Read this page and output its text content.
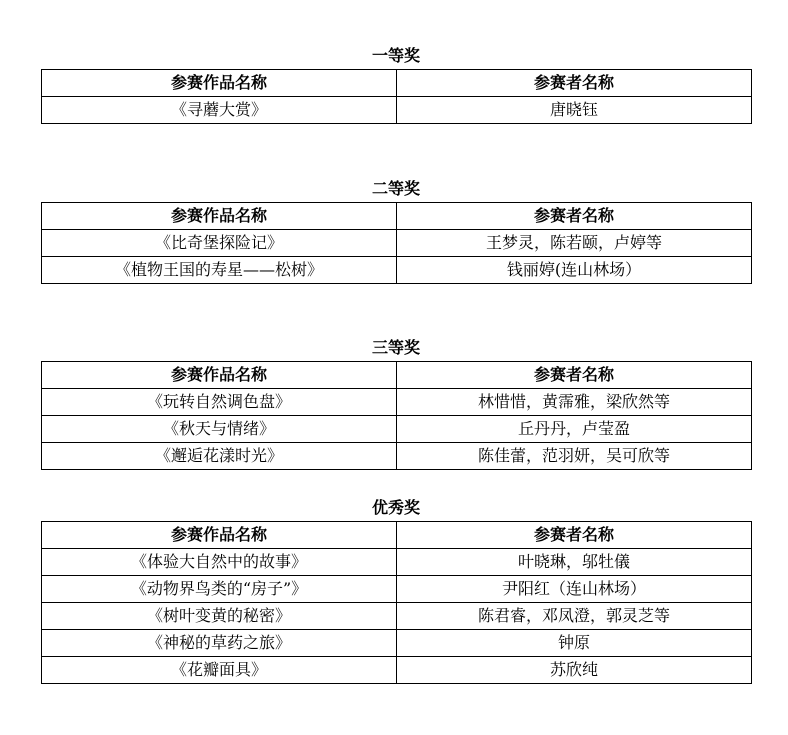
一等奖
参赛作品名称	参赛者名称
《寻蘑大赏》	唐晓钰
二等奖
参赛作品名称	参赛者名称
《比奇堡探险记》	王梦灵，陈若颐，卢婷等
《植物王国的寿星——松树》	钱丽婷(连山林场）
三等奖
参赛作品名称	参赛者名称
《玩转自然调色盘》	林惜惜，黄霈雅，梁欣然等
《秋天与情绪》	丘丹丹，卢莹盈
《邂逅花漾时光》	陈佳蕾，范羽妍，吴可欣等
优秀奖
参赛作品名称	参赛者名称
《体验大自然中的故事》	叶晓琳，邬牡儀
《动物界鸟类的“房子”》	尹阳红（连山林场）
《树叶变黄的秘密》	陈君睿，邓凤澄，郭灵芝等
《神秘的草药之旅》	钟原
《花瓣面具》	苏欣纯
